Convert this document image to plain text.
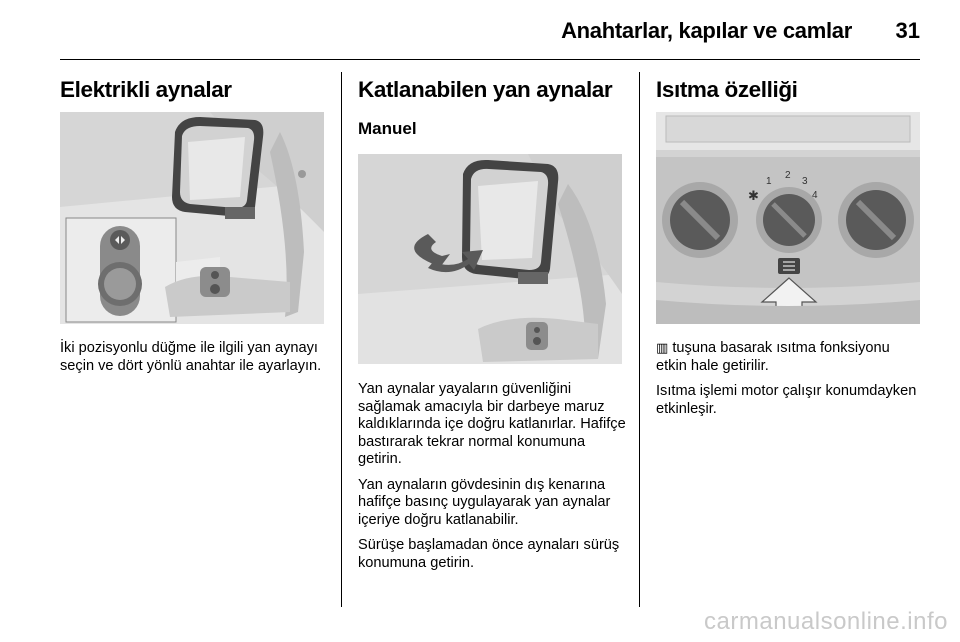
Anahtarlar, kapılar ve camlar 31
Elektrikli aynalar

İki pozisyonlu düğme ile ilgili yan aynayı seçin ve dört yönlü anahtar ile ayarlayın.

Katlanabilen yan aynalar
Manuel

Yan aynalar yayaların güvenliğini sağlamak amacıyla bir darbeye maruz kaldıklarında içe doğru katlanırlar. Hafifçe bastırarak tekrar normal konumuna getirin.

Yan aynaların gövdesinin dış kenarına hafifçe basınç uygulayarak yan aynalar içeriye doğru katlanabilir.

Sürüşe başlamadan önce aynaları sürüş konumuna getirin.

Isıtma özelliği
✱
1
2
3
4

▥ tuşuna basarak ısıtma fonksiyonu etkin hale getirilir.

Isıtma işlemi motor çalışır konumdayken etkinleşir.

carmanualsonline.info
